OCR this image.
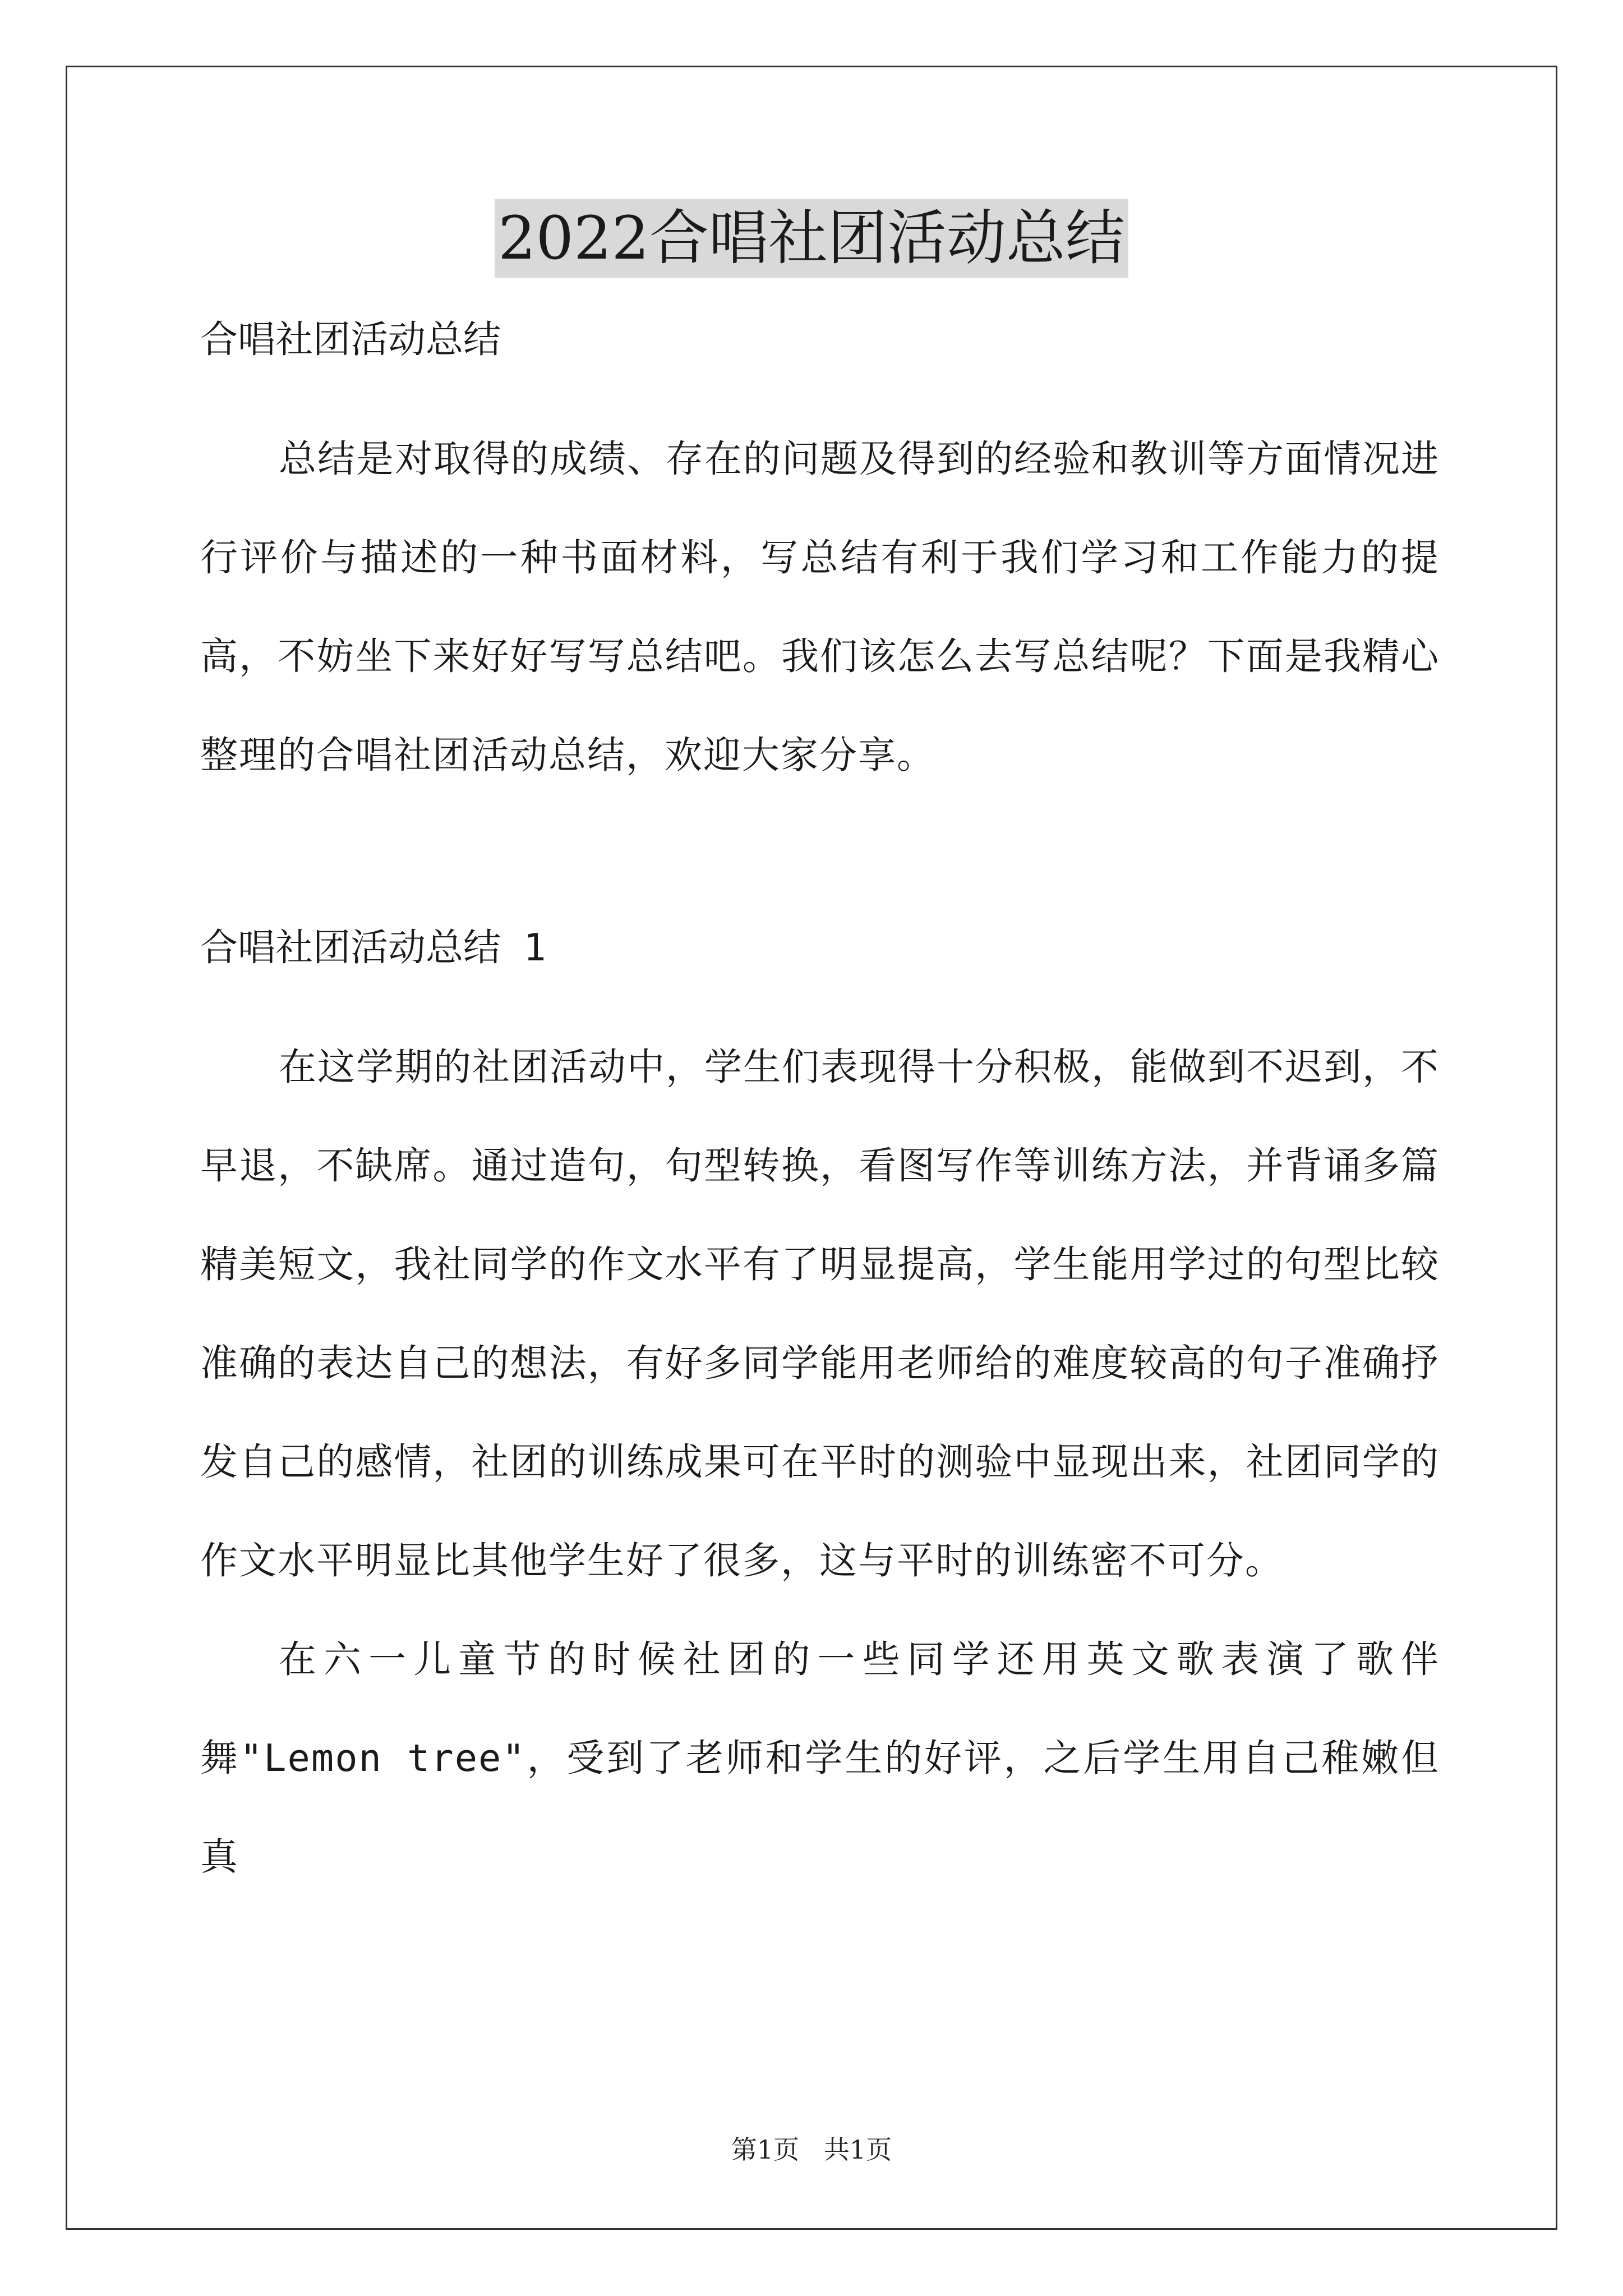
2022合唱社团活动总结

合唱社团活动总结

总结是对取得的成绩、存在的问题及得到的经验和教训等方面情况进行评价与描述的一种书面材料，写总结有利于我们学习和工作能力的提高，不妨坐下来好好写写总结吧。我们该怎么去写总结呢？下面是我精心整理的合唱社团活动总结，欢迎大家分享。

合唱社团活动总结 1

在这学期的社团活动中，学生们表现得十分积极，能做到不迟到，不早退，不缺席。通过造句，句型转换，看图写作等训练方法，并背诵多篇精美短文，我社同学的作文水平有了明显提高，学生能用学过的句型比较准确的表达自己的想法，有好多同学能用老师给的难度较高的句子准确抒发自己的感情，社团的训练成果可在平时的测验中显现出来，社团同学的作文水平明显比其他学生好了很多，这与平时的训练密不可分。

在六一儿童节的时候社团的一些同学还用英文歌表演了歌伴舞"Lemon tree"，受到了老师和学生的好评，之后学生用自己稚嫩但真

第1页   共1页
